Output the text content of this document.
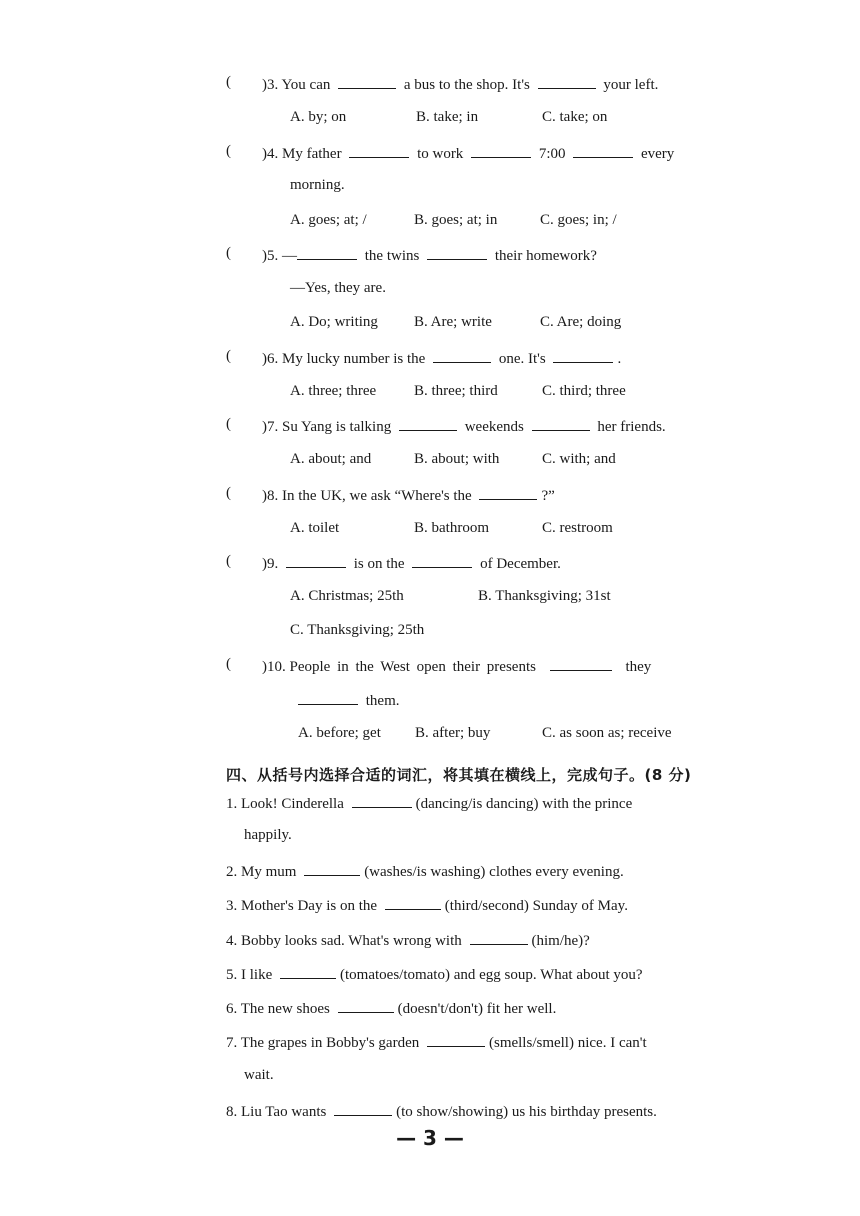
( )3. You can	a bus to the shop. It's	your left.
A. by; on	B. take; in	C. take; on
( )4. My father	to work	7:00	every
morning.
A. goes; at; /	B. goes; at; in	C. goes; in; /
( )5. —	the twins	their homework?
—Yes, they are.
A. Do; writing B. Are; write	C. Are; doing
( )6. My lucky number is the	one. It's	.
A. three; three	B. three; third	C. third; three
( )7. Su Yang is talking	weekends	her friends.
A. about; and	B. about; with	C. with; and
( )8. In the UK, we ask “Where's the	?”
A. toilet	B. bathroom	C. restroom
( )9.	is on the	of December.
A. Christmas; 25th	B. Thanksgiving; 31st
C. Thanksgiving; 25th
( )10. People in the West open their presents	they
them.
A. before; get B. after; buy	C. as soon as; receive
四、从括号内选择合适的词汇，将其填在横线上，完成句子。(8 分)
1. Look! Cinderella	(dancing/is dancing) with the prince
happily.
2. My mum	(washes/is washing) clothes every evening.
3. Mother's Day is on the	(third/second) Sunday of May.
4. Bobby looks sad. What's wrong with	(him/he)?
5. I like	(tomatoes/tomato) and egg soup. What about you?
6. The new shoes	(doesn't/don't) fit her well.
7. The grapes in Bobby's garden	(smells/smell) nice. I can't
wait.
8. Liu Tao wants	(to show/showing) us his birthday presents.
— 3 —
